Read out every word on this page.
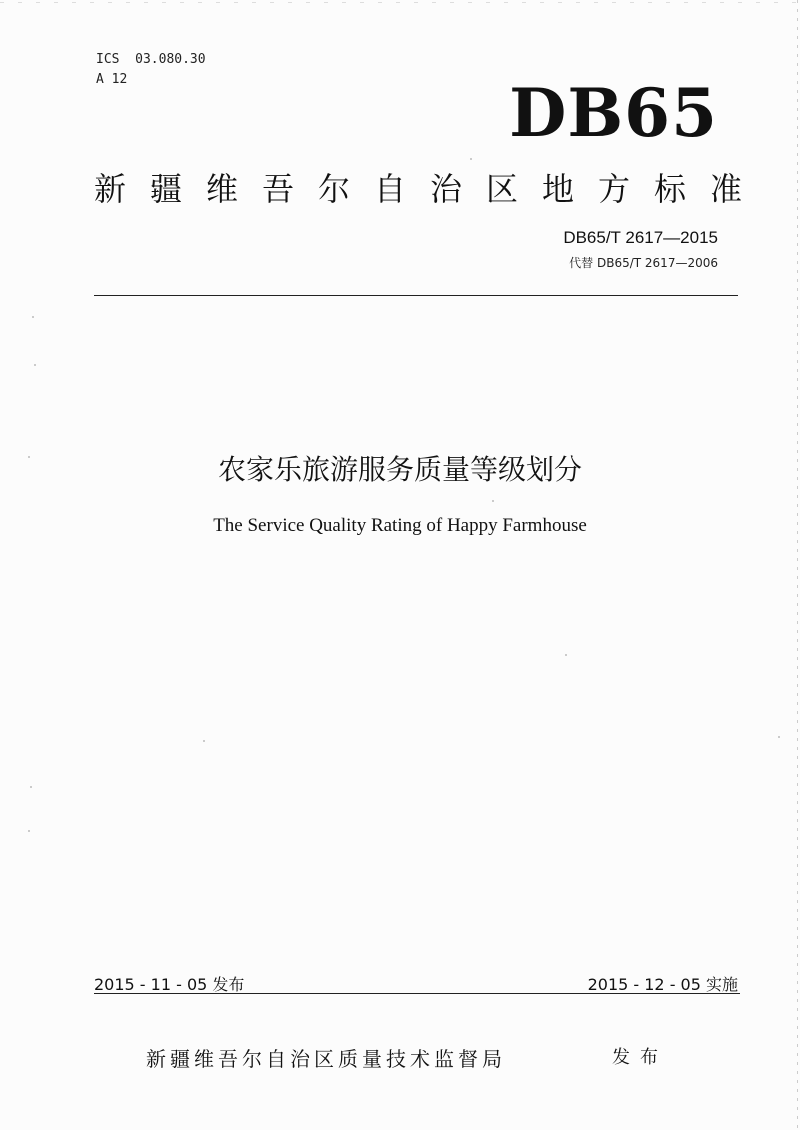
ICS  03.080.30
A 12	DB65
新疆维吾尔自治区地方标准
DB65/T 2617—2015
代替 DB65/T 2617—2006
农家乐旅游服务质量等级划分
The Service Quality Rating of Happy Farmhouse
2015 - 11 - 05 发布	2015 - 12 - 05 实施
新疆维吾尔自治区质量技术监督局	发布
